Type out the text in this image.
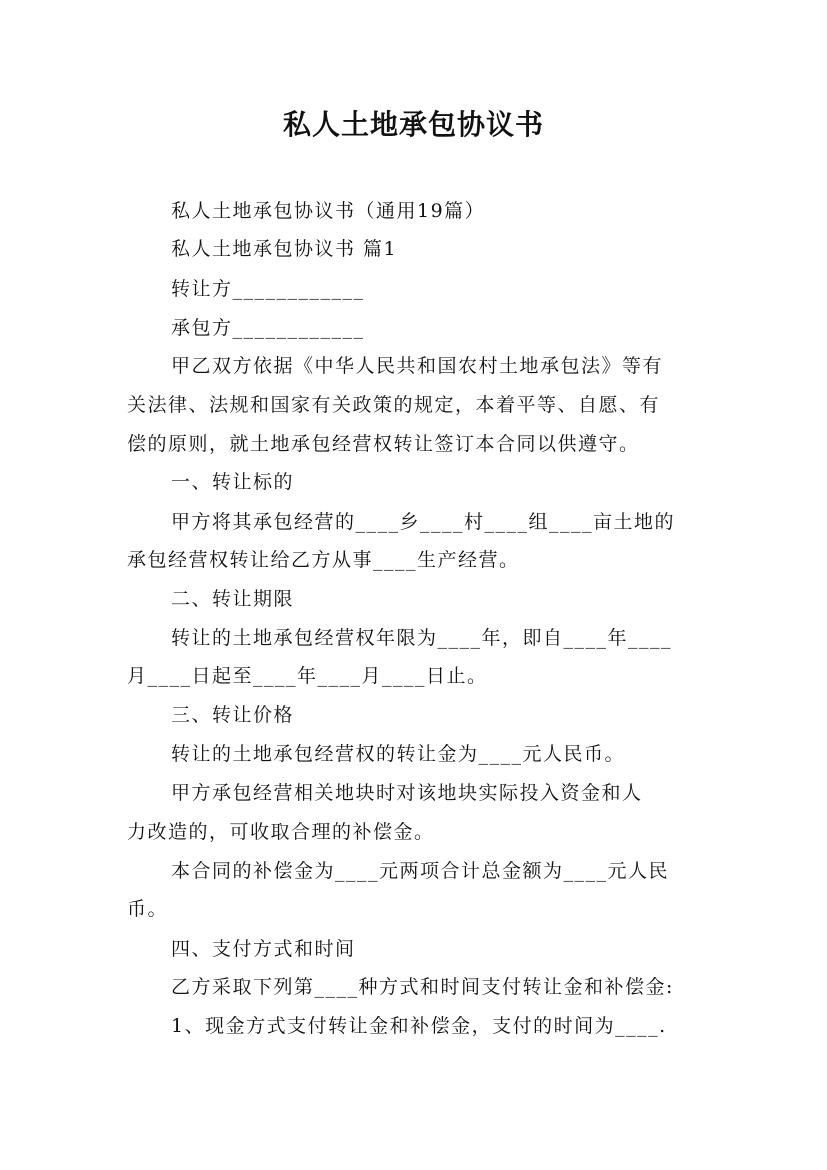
私人土地承包协议书
私人土地承包协议书（通用19篇）
私人土地承包协议书 篇1
转让方____________
承包方____________
甲乙双方依据《中华人民共和国农村土地承包法》等有
关法律、法规和国家有关政策的规定，本着平等、自愿、有
偿的原则，就土地承包经营权转让签订本合同以供遵守。
一、转让标的
甲方将其承包经营的____乡____村____组____亩土地的
承包经营权转让给乙方从事____生产经营。
二、转让期限
转让的土地承包经营权年限为____年，即自____年____
月____日起至____年____月____日止。
三、转让价格
转让的土地承包经营权的转让金为____元人民币。
甲方承包经营相关地块时对该地块实际投入资金和人
力改造的，可收取合理的补偿金。
本合同的补偿金为____元两项合计总金额为____元人民
币。
四、支付方式和时间
乙方采取下列第____种方式和时间支付转让金和补偿金:
1、现金方式支付转让金和补偿金，支付的时间为____.
